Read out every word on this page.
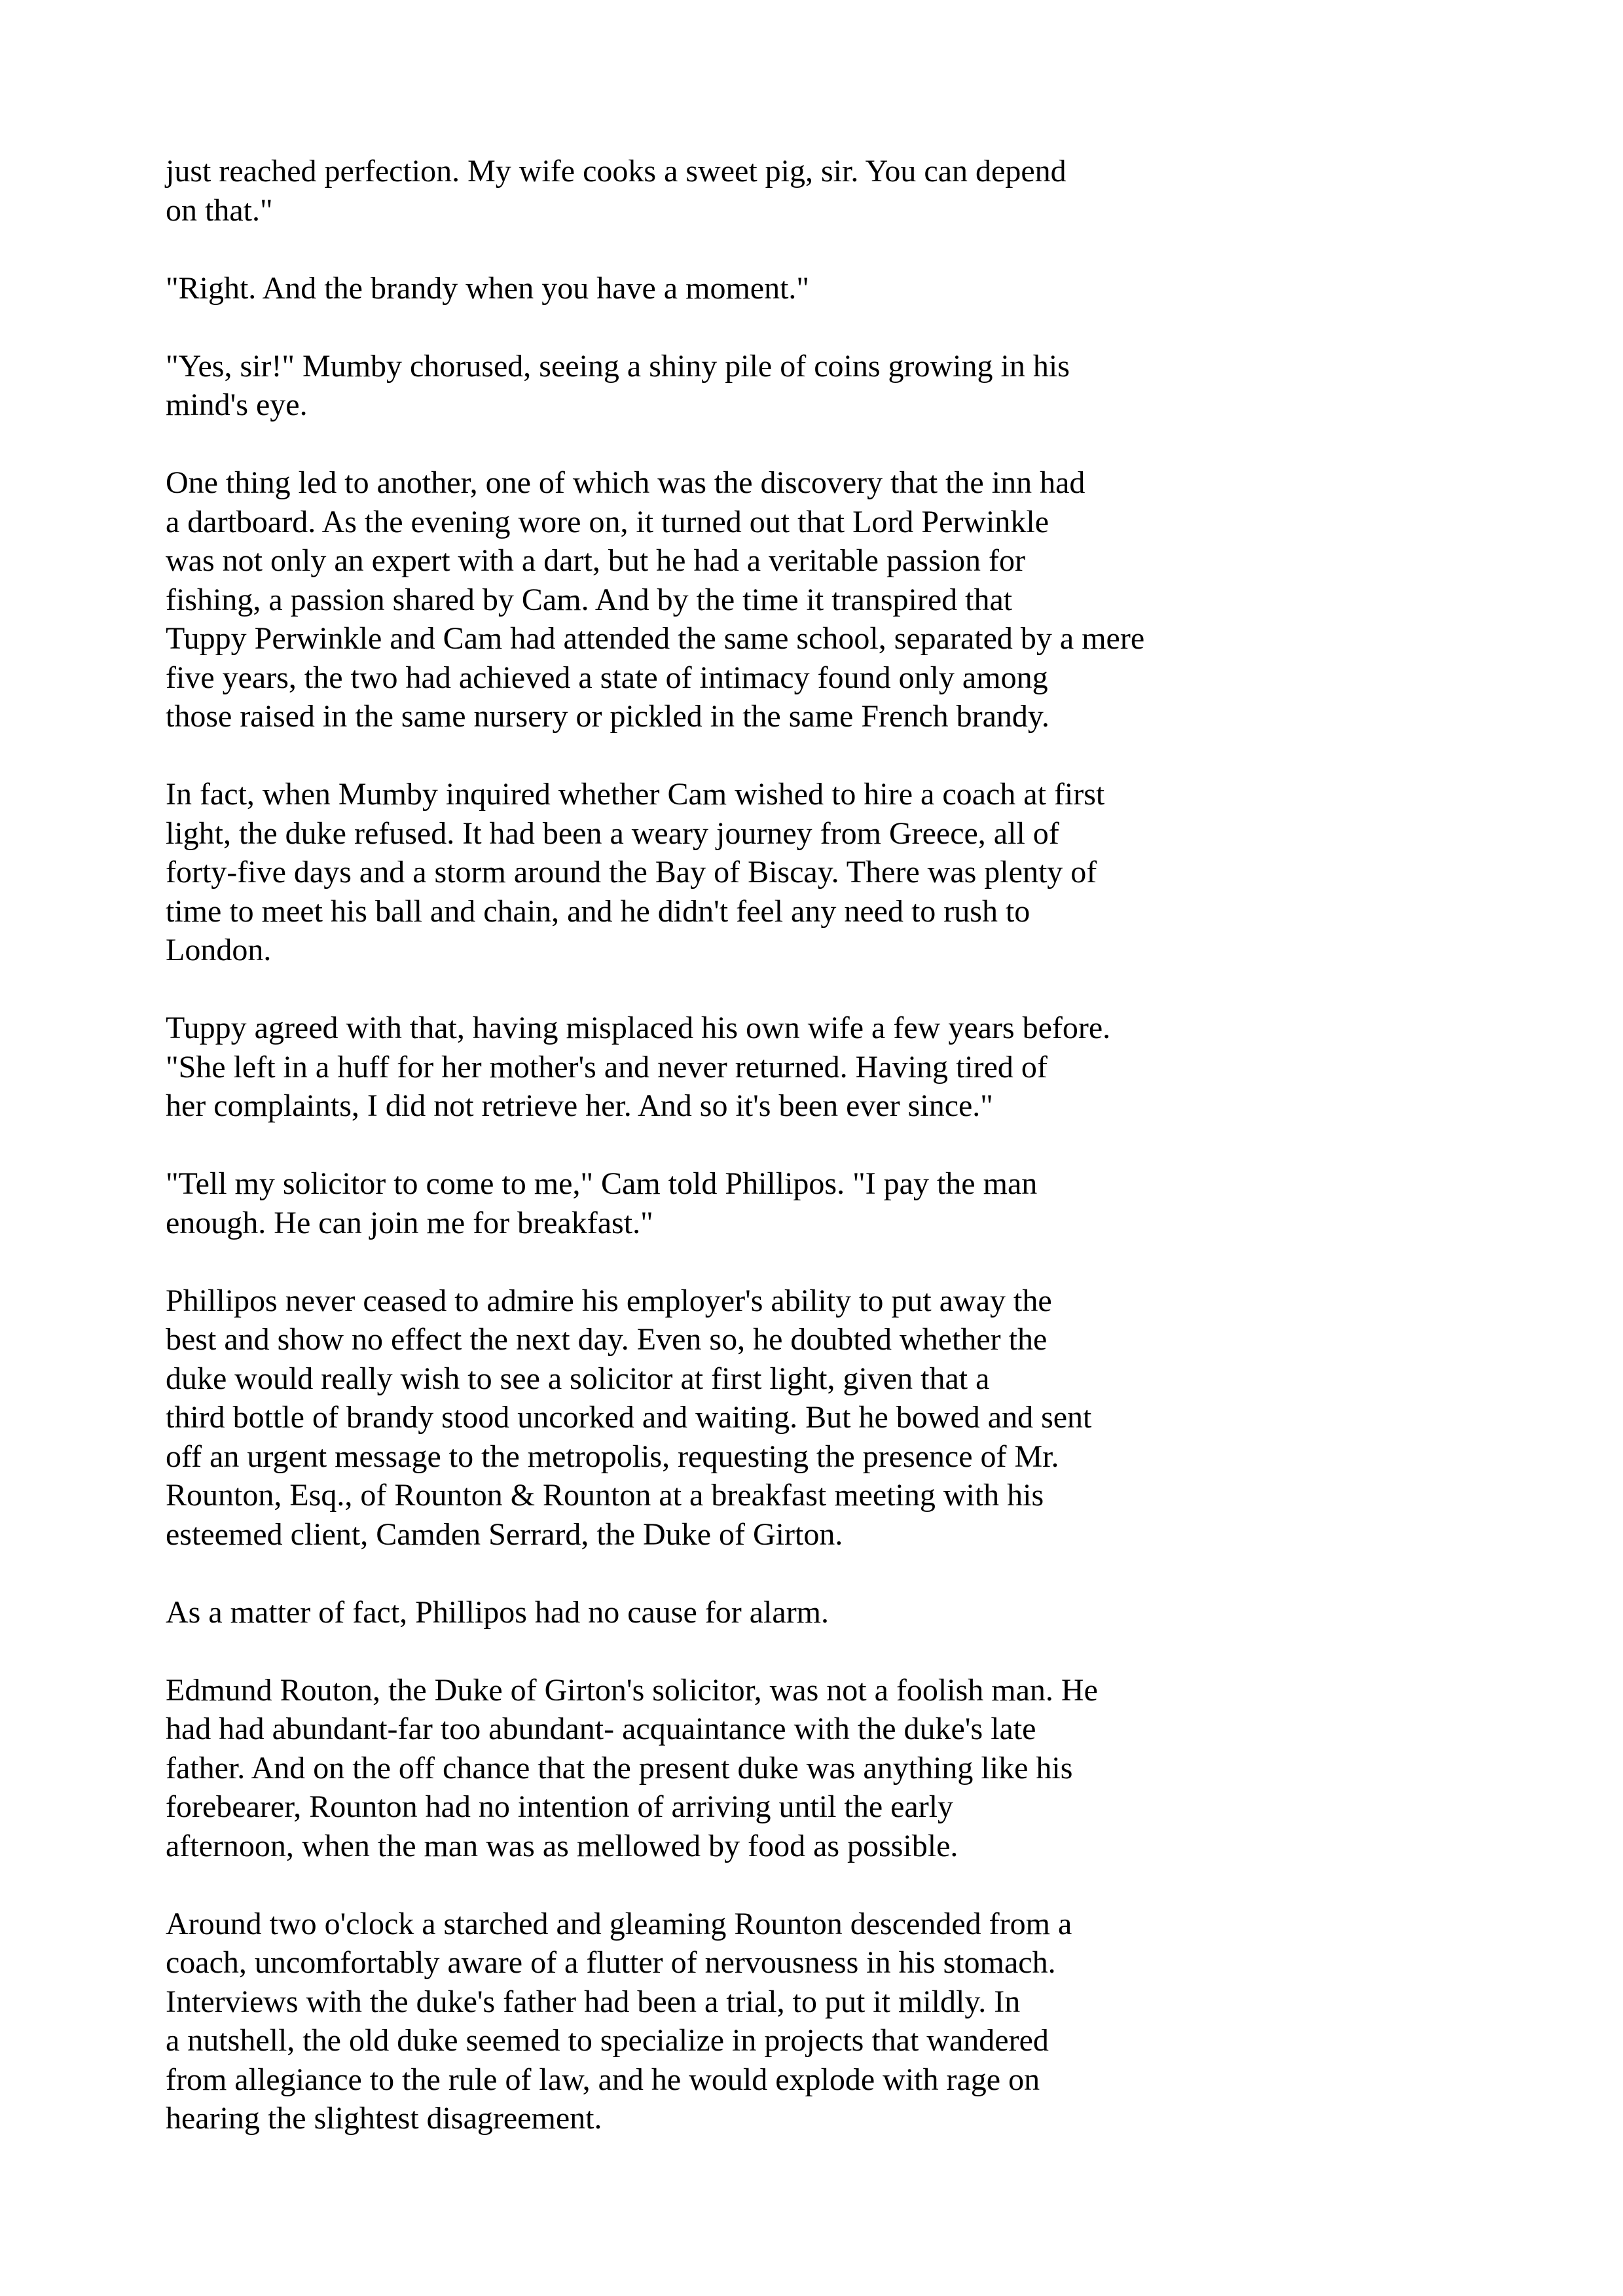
just reached perfection. My wife cooks a sweet pig, sir. You can depend
on that."

"Right. And the brandy when you have a moment."

"Yes, sir!" Mumby chorused, seeing a shiny pile of coins growing in his
mind's eye.

One thing led to another, one of which was the discovery that the inn had
a dartboard. As the evening wore on, it turned out that Lord Perwinkle
was not only an expert with a dart, but he had a veritable passion for
fishing, a passion shared by Cam. And by the time it transpired that
Tuppy Perwinkle and Cam had attended the same school, separated by a mere
five years, the two had achieved a state of intimacy found only among
those raised in the same nursery or pickled in the same French brandy.

In fact, when Mumby inquired whether Cam wished to hire a coach at first
light, the duke refused. It had been a weary journey from Greece, all of
forty-five days and a storm around the Bay of Biscay. There was plenty of
time to meet his ball and chain, and he didn't feel any need to rush to
London.

Tuppy agreed with that, having misplaced his own wife a few years before.
"She left in a huff for her mother's and never returned. Having tired of
her complaints, I did not retrieve her. And so it's been ever since."

"Tell my solicitor to come to me," Cam told Phillipos. "I pay the man
enough. He can join me for breakfast."

Phillipos never ceased to admire his employer's ability to put away the
best and show no effect the next day. Even so, he doubted whether the
duke would really wish to see a solicitor at first light, given that a
third bottle of brandy stood uncorked and waiting. But he bowed and sent
off an urgent message to the metropolis, requesting the presence of Mr.
Rounton, Esq., of Rounton & Rounton at a breakfast meeting with his
esteemed client, Camden Serrard, the Duke of Girton.

As a matter of fact, Phillipos had no cause for alarm.

Edmund Routon, the Duke of Girton's solicitor, was not a foolish man. He
had had abundant-far too abundant- acquaintance with the duke's late
father. And on the off chance that the present duke was anything like his
forebearer, Rounton had no intention of arriving until the early
afternoon, when the man was as mellowed by food as possible.

Around two o'clock a starched and gleaming Rounton descended from a
coach, uncomfortably aware of a flutter of nervousness in his stomach.
Interviews with the duke's father had been a trial, to put it mildly. In
a nutshell, the old duke seemed to specialize in projects that wandered
from allegiance to the rule of law, and he would explode with rage on
hearing the slightest disagreement.
